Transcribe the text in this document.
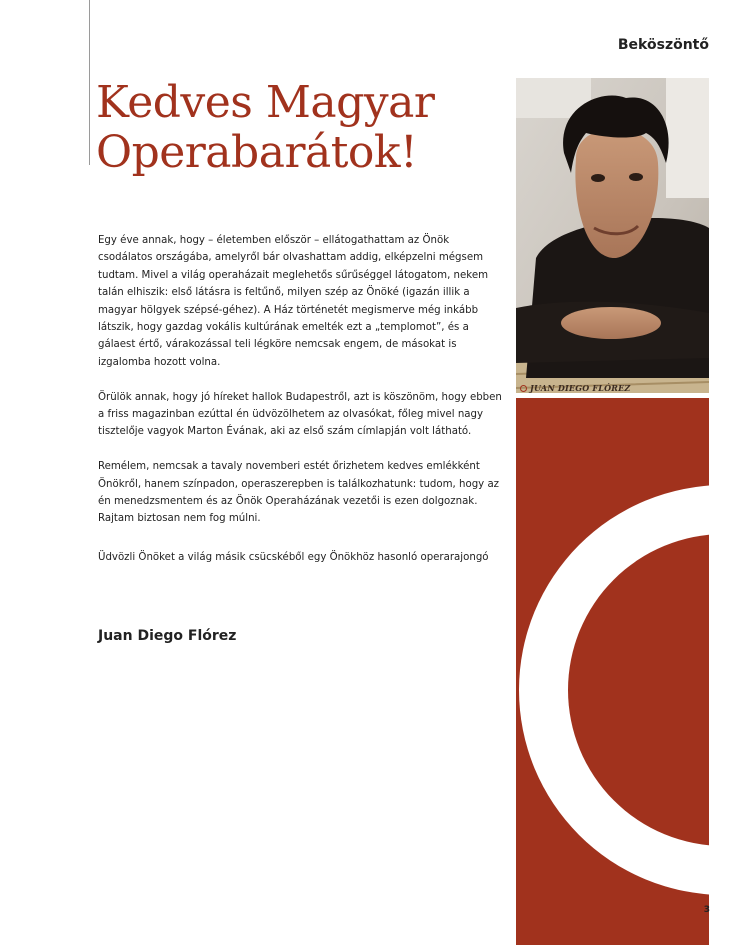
Beköszöntő
Kedves Magyar
Operabarátok!

Egy éve annak, hogy – életemben először – ellátogathattam az Önök csodálatos országába, amelyről bár olvashattam addig, elképzelni mégsem tudtam. Mivel a világ operaházait meglehetős sűrűséggel látogatom, nekem talán elhiszik: első látásra is feltűnő, milyen szép az Önöké (igazán illik a magyar hölgyek szépsé-géhez). A Ház történetét megismerve még inkább látszik, hogy gazdag vokális kultúrának emelték ezt a „templomot”, és a gálaest értő, várakozással teli légköre nemcsak engem, de másokat is izgalomba hozott volna.

Örülök annak, hogy jó híreket hallok Budapestről, azt is köszönöm, hogy ebben a friss magazinban ezúttal én üdvözölhetem az olvasókat, főleg mivel nagy tisztelője vagyok Marton Évának, aki az első szám címlapján volt látható.

Remélem, nemcsak a tavaly novemberi estét őrizhetem kedves emlékként Önökről, hanem színpadon, operaszerepben is találkozhatunk: tudom, hogy az én menedzsmentem és az Önök Operaházának vezetői is ezen dolgoznak. Rajtam biztosan nem fog múlni.

Üdvözli Önöket a világ másik csücskéből egy Önökhöz hasonló operarajongó
Juan Diego Flórez
JUAN DIEGO FLÓREZ
3
